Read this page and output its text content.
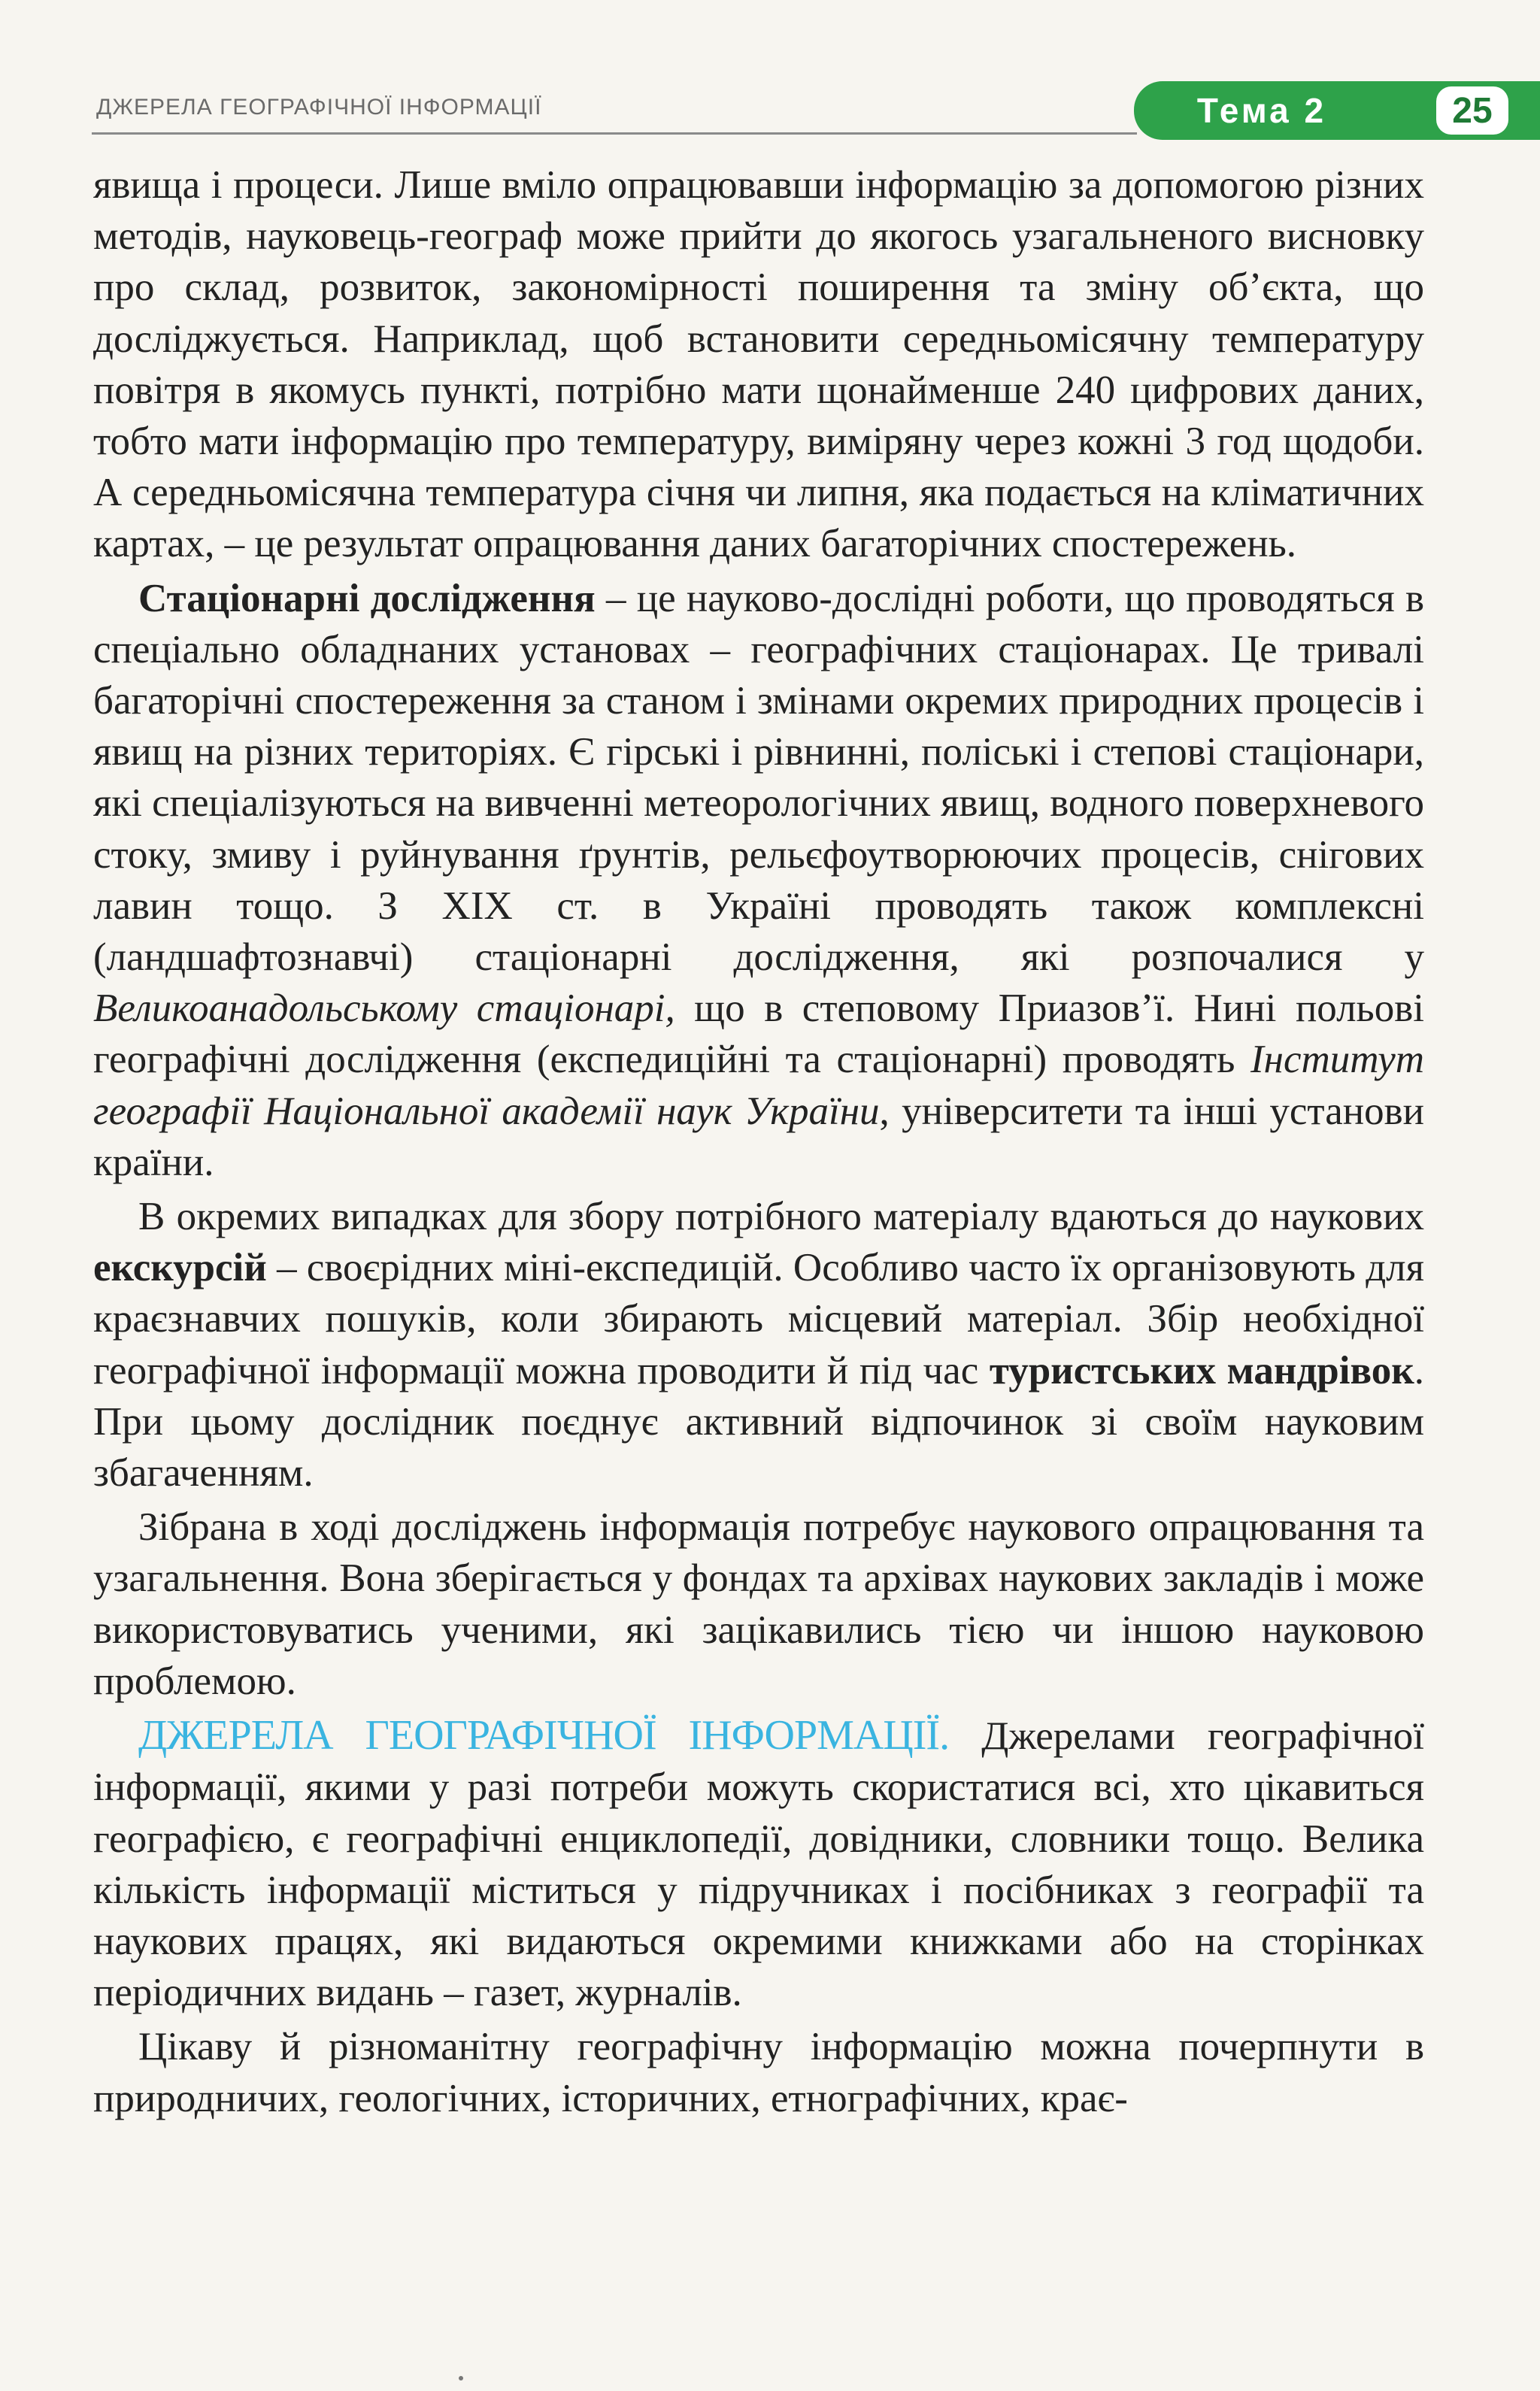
ДЖЕРЕЛА ГЕОГРАФІЧНОЇ ІНФОРМАЦІЇ	Тема 2	25

явища і процеси. Лише вміло опрацювавши інформацію за допомогою різних методів, науковець-географ може прийти до якогось узагальненого висновку про склад, розвиток, закономірності поширення та зміну об’єкта, що досліджується. Наприклад, щоб встановити середньомісячну температуру повітря в якомусь пункті, потрібно мати щонайменше 240 цифрових даних, тобто мати інформацію про температуру, виміряну через кожні 3 год щодоби. А середньомісячна температура січня чи липня, яка подається на кліматичних картах, – це результат опрацювання даних багаторічних спостережень.

Стаціонарні дослідження – це науково-дослідні роботи, що проводяться в спеціально обладнаних установах – географічних стаціонарах. Це тривалі багаторічні спостереження за станом і змінами окремих природних процесів і явищ на різних територіях. Є гірські і рівнинні, поліські і степові стаціонари, які спеціалізуються на вивченні метеорологічних явищ, водного поверхневого стоку, змиву і руйнування ґрунтів, рельєфоутворюючих процесів, снігових лавин тощо. З XIX ст. в Україні проводять також комплексні (ландшафтознавчі) стаціонарні дослідження, які розпочалися у Великоанадольському стаціонарі, що в степовому Приазов’ї. Нині польові географічні дослідження (експедиційні та стаціонарні) проводять Інститут географії Національної академії наук України, університети та інші установи країни.

В окремих випадках для збору потрібного матеріалу вдаються до наукових екскурсій – своєрідних міні-експедицій. Особливо часто їх організовують для краєзнавчих пошуків, коли збирають місцевий матеріал. Збір необхідної географічної інформації можна проводити й під час туристських мандрівок. При цьому дослідник поєднує активний відпочинок зі своїм науковим збагаченням.

Зібрана в ході досліджень інформація потребує наукового опрацювання та узагальнення. Вона зберігається у фондах та архівах наукових закладів і може використовуватись ученими, які зацікавились тією чи іншою науковою проблемою.

ДЖЕРЕЛА ГЕОГРАФІЧНОЇ ІНФОРМАЦІЇ. Джерелами географічної інформації, якими у разі потреби можуть скористатися всі, хто цікавиться географією, є географічні енциклопедії, довідники, словники тощо. Велика кількість інформації міститься у підручниках і посібниках з географії та наукових працях, які видаються окремими книжками або на сторінках періодичних видань – газет, журналів.

Цікаву й різноманітну географічну інформацію можна почерпнути в природничих, геологічних, історичних, етнографічних, крає-
